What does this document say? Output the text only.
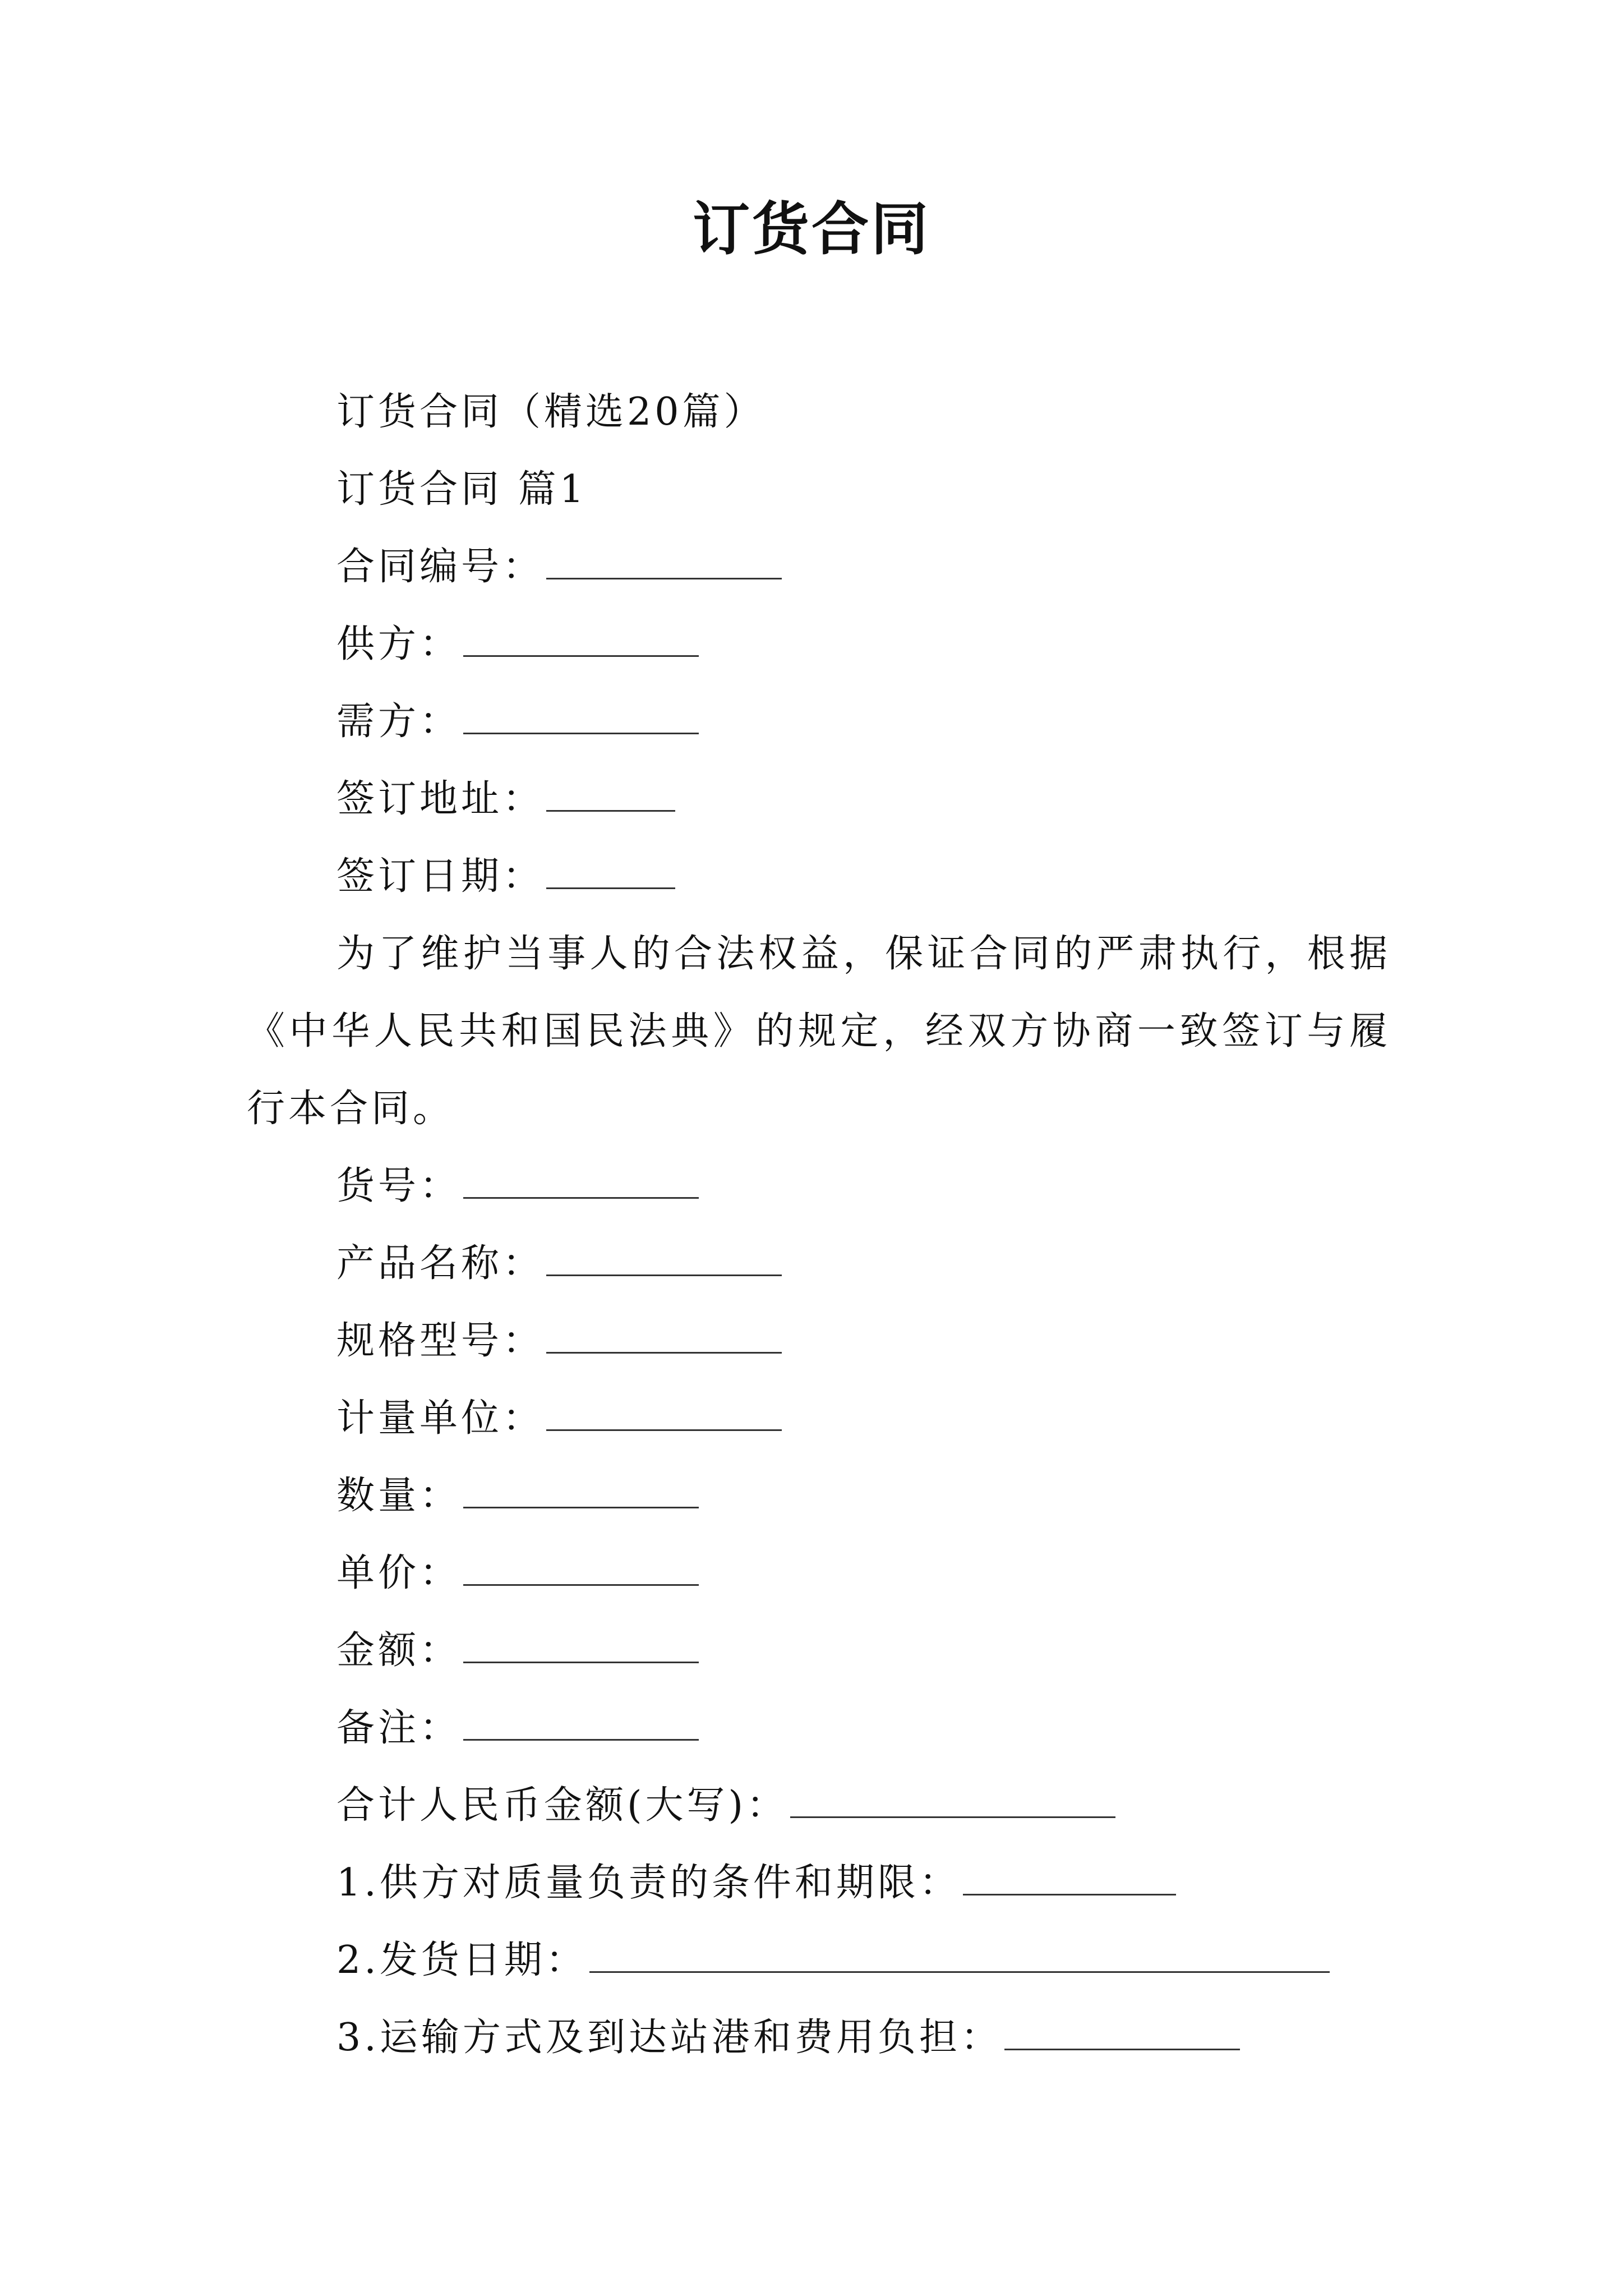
订货合同
订货合同（精选20篇）
订货合同 篇1
合同编号：
供方：
需方：
签订地址：
签订日期：
为了维护当事人的合法权益，保证合同的严肃执行，根据《中华人民共和国民法典》的规定，经双方协商一致签订与履行本合同。
货号：
产品名称：
规格型号：
计量单位：
数量：
单价：
金额：
备注：
合计人民币金额(大写)：
1.供方对质量负责的条件和期限：
2.发货日期：
3.运输方式及到达站港和费用负担：
